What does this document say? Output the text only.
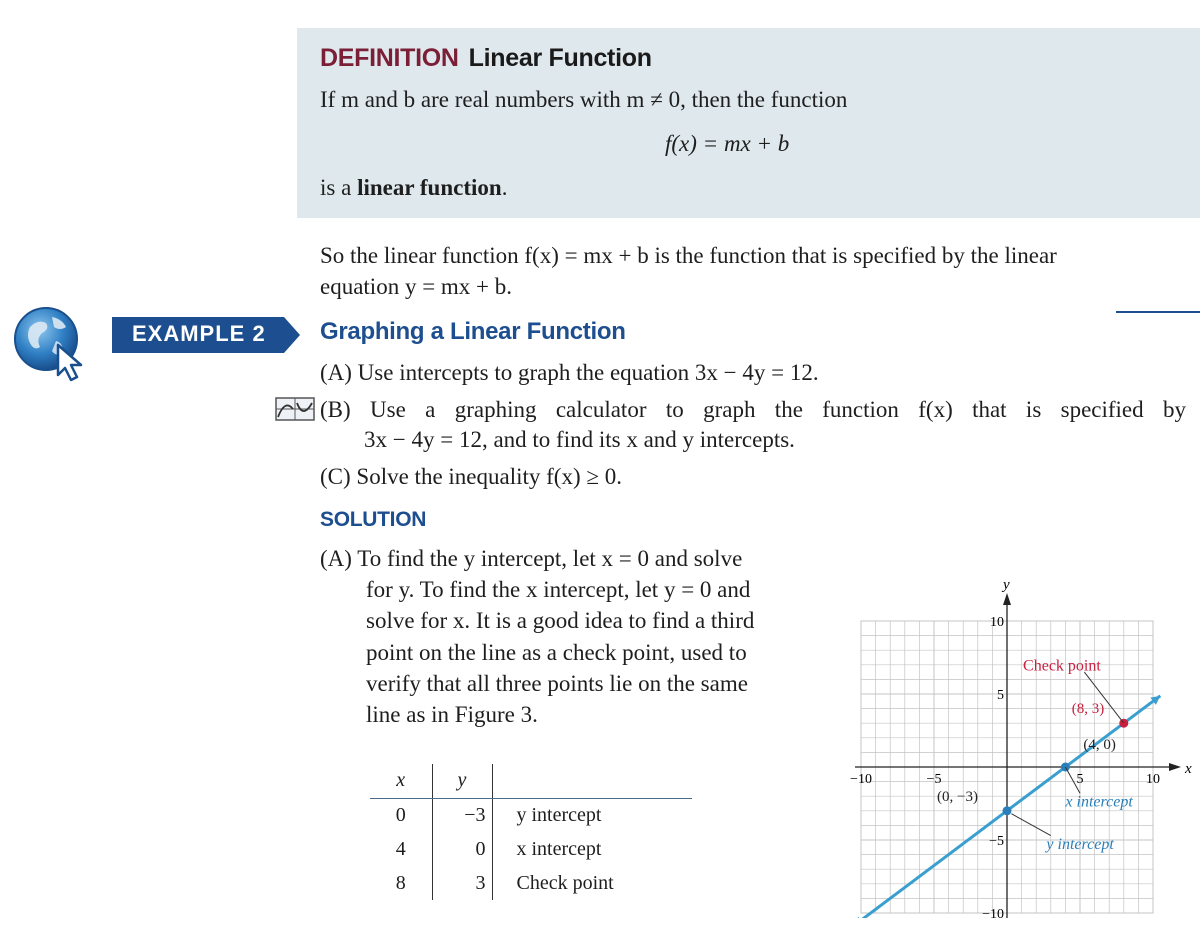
DEFINITION Linear Function
If m and b are real numbers with m ≠ 0, then the function
f(x) = mx + b
is a linear function.
So the linear function f(x) = mx + b is the function that is specified by the linear
equation y = mx + b.
EXAMPLE 2 Graphing a Linear Function
(A) Use intercepts to graph the equation 3x − 4y = 12.
(B) Use a graphing calculator to graph the function f(x) that is specified by
3x − 4y = 12, and to find its x and y intercepts.
(C) Solve the inequality f(x) ≥ 0.
SOLUTION
(A) To find the y intercept, let x = 0 and solve
for y. To find the x intercept, let y = 0 and
solve for x. It is a good idea to find a third
point on the line as a check point, used to
verify that all three points lie on the same
line as in Figure 3.
x	y	
0	−3	y intercept
4	0	x intercept
8	3	Check point
x
y
−10	−5	5	10
10
5
−5
−10
(0, −3)
(4, 0)
(8, 3)
Check point
x intercept
y intercept
